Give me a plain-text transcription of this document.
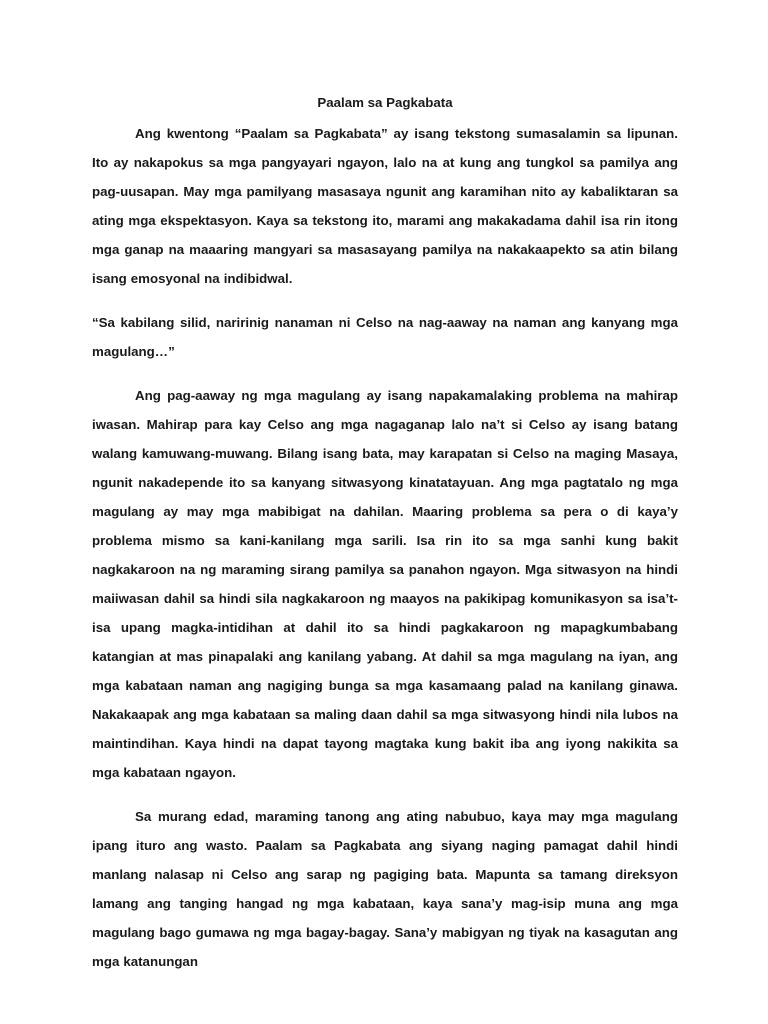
Paalam sa Pagkabata

Ang kwentong “Paalam sa Pagkabata” ay isang tekstong sumasalamin sa lipunan. Ito ay nakapokus sa mga pangyayari ngayon, lalo na at kung ang tungkol sa pamilya ang pag-uusapan. May mga pamilyang masasaya ngunit ang karamihan nito ay kabaliktaran sa ating mga ekspektasyon. Kaya sa tekstong ito, marami ang makakadama dahil isa rin itong mga ganap na maaaring mangyari sa masasayang pamilya na nakakaapekto sa atin bilang isang emosyonal na indibidwal.

“Sa kabilang silid, naririnig nanaman ni Celso na nag-aaway na naman ang kanyang mga magulang…”

Ang pag-aaway ng mga magulang ay isang napakamalaking problema na mahirap iwasan. Mahirap para kay Celso ang mga nagaganap lalo na’t si Celso ay isang batang walang kamuwang-muwang. Bilang isang bata, may karapatan si Celso na maging Masaya, ngunit nakadepende ito sa kanyang sitwasyong kinatatayuan. Ang mga pagtatalo ng mga magulang ay may mga mabibigat na dahilan. Maaring problema sa pera o di kaya’y problema mismo sa kani-kanilang mga sarili. Isa rin ito sa mga sanhi kung bakit nagkakaroon na ng maraming sirang pamilya sa panahon ngayon. Mga sitwasyon na hindi maiiwasan dahil sa hindi sila nagkakaroon ng maayos na pakikipag komunikasyon sa isa’t-isa upang magka-intidihan at dahil ito sa hindi pagkakaroon ng mapagkumbabang katangian at mas pinapalaki ang kanilang yabang. At dahil sa mga magulang na iyan, ang mga kabataan naman ang nagiging bunga sa mga kasamaang palad na kanilang ginawa. Nakakaapak ang mga kabataan sa maling daan dahil sa mga sitwasyong hindi nila lubos na maintindihan. Kaya hindi na dapat tayong magtaka kung bakit iba ang iyong nakikita sa mga kabataan ngayon.

Sa murang edad, maraming tanong ang ating nabubuo, kaya may mga magulang ipang ituro ang wasto. Paalam sa Pagkabata ang siyang naging pamagat dahil hindi manlang nalasap ni Celso ang sarap ng pagiging bata. Mapunta sa tamang direksyon lamang ang tanging hangad ng mga kabataan, kaya sana’y mag-isip muna ang mga magulang bago gumawa ng mga bagay-bagay. Sana’y mabigyan ng tiyak na kasagutan ang mga katanungan
